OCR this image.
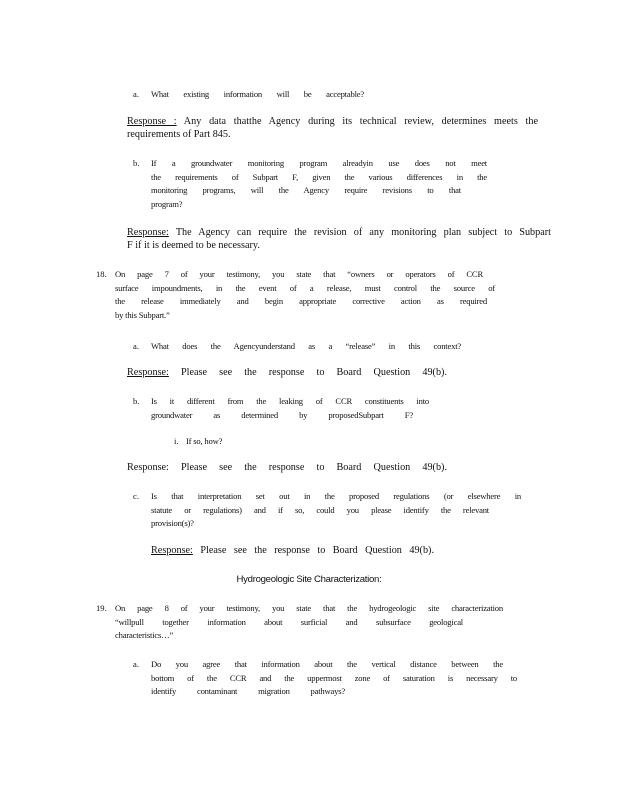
a. What existing information will be acceptable?
Response : Any data thatthe Agency during its technical review, determines meets the
requirements of Part 845.
b. If a groundwater monitoring program alreadyin use does not meet
the requirements of Subpart F, given the various differences in the
monitoring programs, will the Agency require revisions to that
program?
Response: The Agency can require the revision of any monitoring plan subject to Subpart
F if it is deemed to be necessary.
18. On page 7 of your testimony, you state that “owners or operators of CCR
surface impoundments, in the event of a release, must control the source of
the release immediately and begin appropriate corrective action as required
by this Subpart.”
a. What does the Agencyunderstand as a “release” in this context?
Response: Please see the response to Board Question 49(b).
b. Is it different from the leaking of CCR constituents into
groundwater as determined by proposedSubpart F?
i. If so, how?
Response: Please see the response to Board Question 49(b).
c. Is that interpretation set out in the proposed regulations (or elsewhere in
statute or regulations) and if so, could you please identify the relevant
provision(s)?
Response: Please see the response to Board Question 49(b).
Hydrogeologic Site Characterization:
19. On page 8 of your testimony, you state that the hydrogeologic site characterization
“willpull together information about surficial and subsurface geological
characteristics…”
a. Do you agree that information about the vertical distance between the
bottom of the CCR and the uppermost zone of saturation is necessary to
identify contaminant migration pathways?
